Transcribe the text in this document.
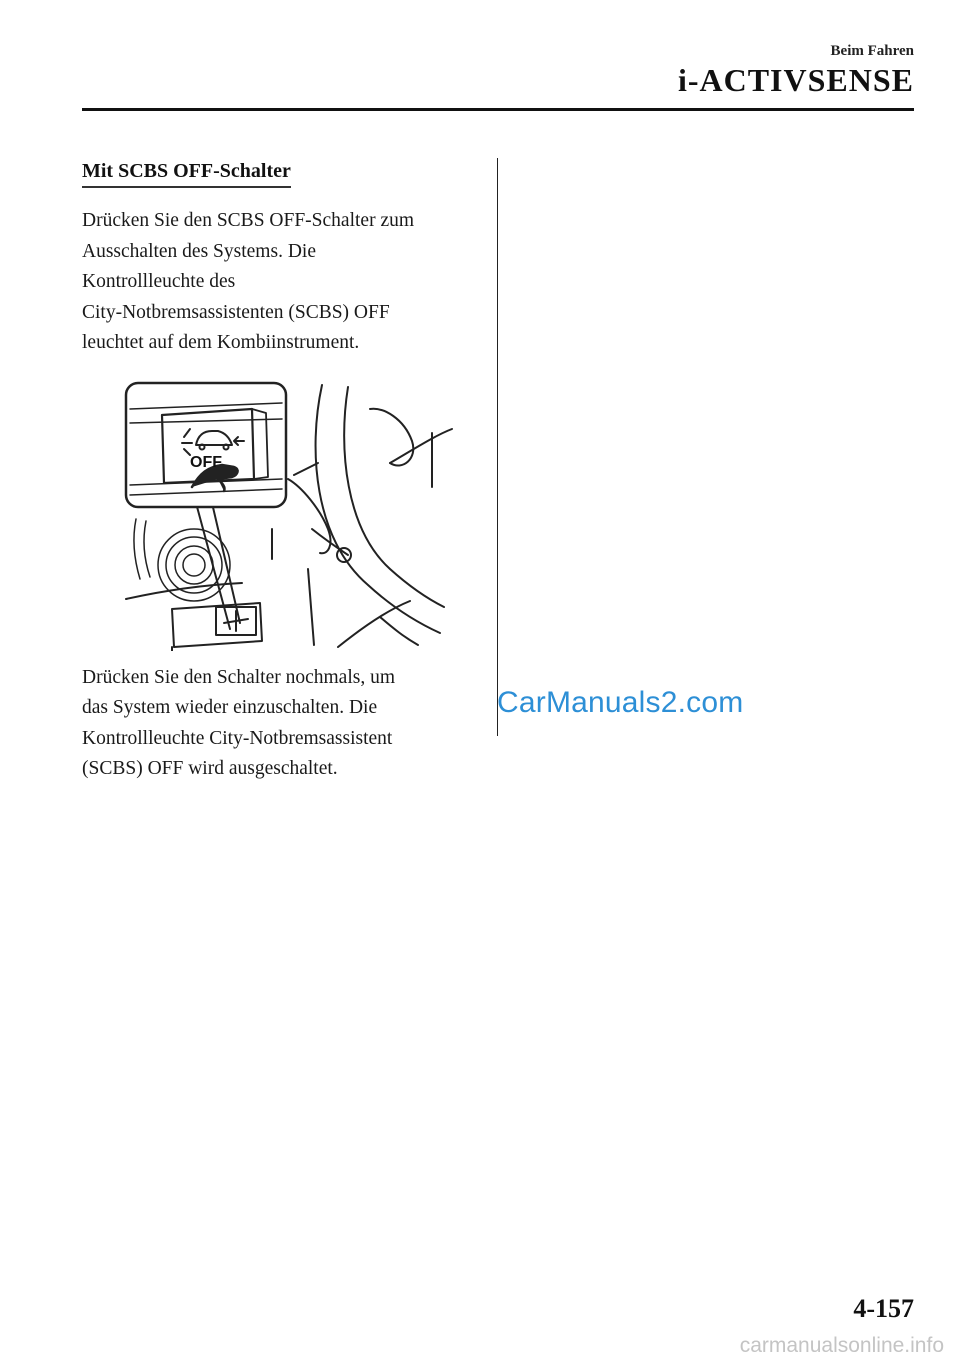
Beim Fahren
i-ACTIVSENSE
Mit SCBS OFF-Schalter

Drücken Sie den SCBS OFF-Schalter zum
Ausschalten des Systems. Die
Kontrollleuchte des
City-Notbremsassistenten (SCBS) OFF
leuchtet auf dem Kombiinstrument.

OFF

Drücken Sie den Schalter nochmals, um
das System wieder einzuschalten. Die
Kontrollleuchte City-Notbremsassistent
(SCBS) OFF wird ausgeschaltet.

CarManuals2.com
4-157
carmanualsonline.info
